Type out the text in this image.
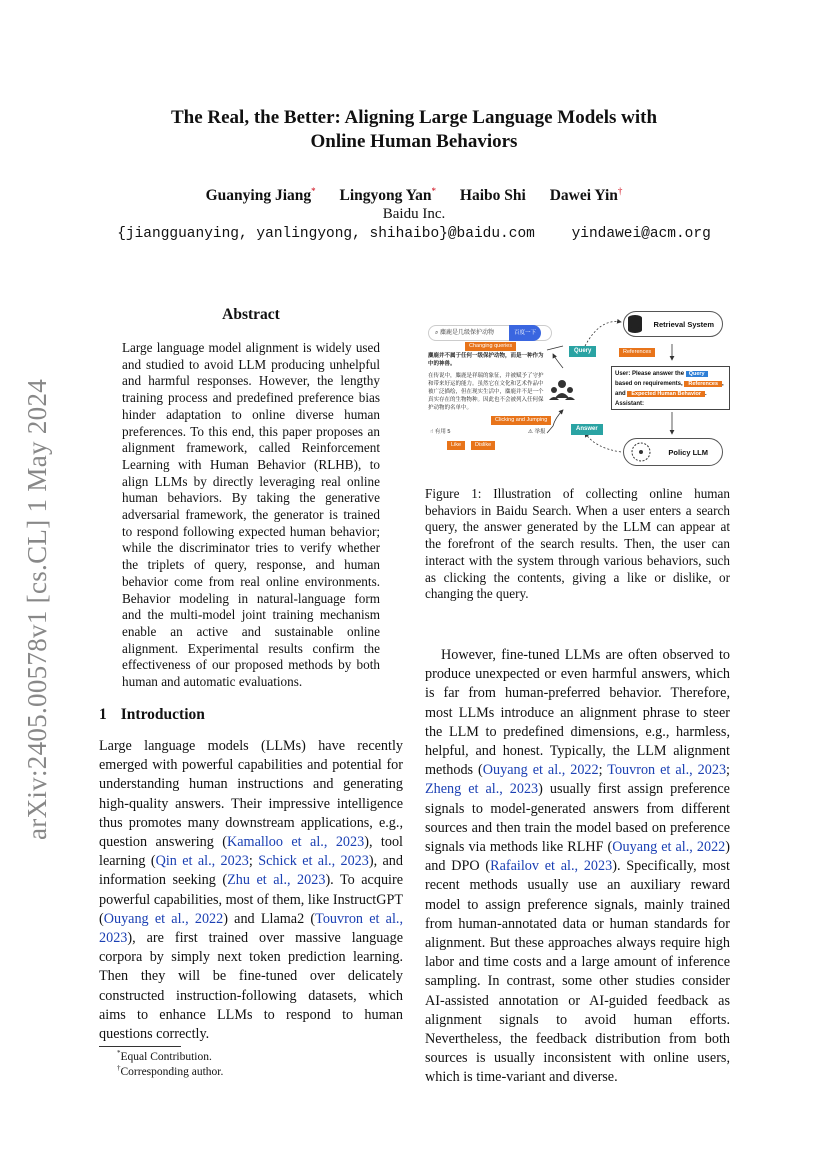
arXiv:2405.00578v1 [cs.CL] 1 May 2024
The Real, the Better: Aligning Large Language Models with
Online Human Behaviors
Guanying Jiang* Lingyong Yan* Haibo Shi Dawei Yin†
Baidu Inc.
{jiangguanying, yanlingyong, shihaibo}@baidu.com	yindawei@acm.org
Abstract
Large language model alignment is widely used and studied to avoid LLM producing unhelpful and harmful responses. However, the lengthy training process and predefined preference bias hinder adaptation to online diverse human preferences. To this end, this paper proposes an alignment framework, called Reinforcement Learning with Human Behavior (RLHB), to align LLMs by directly leveraging real online human behaviors. By taking the generative adversarial framework, the generator is trained to respond following expected human behavior; while the discriminator tries to verify whether the triplets of query, response, and human behavior come from real online environments. Behavior modeling in natural-language form and the multi-model joint training mechanism enable an active and sustainable online alignment. Experimental results confirm the effectiveness of our proposed methods by both human and automatic evaluations.
1 Introduction
Large language models (LLMs) have recently emerged with powerful capabilities and potential for understanding human instructions and generating high-quality answers. Their impressive intelligence thus promotes many downstream applications, e.g., question answering (Kamalloo et al., 2023), tool learning (Qin et al., 2023; Schick et al., 2023), and information seeking (Zhu et al., 2023). To acquire powerful capabilities, most of them, like InstructGPT (Ouyang et al., 2022) and Llama2 (Touvron et al., 2023), are first trained over massive language corpora by simply next token prediction learning. Then they will be fine-tuned over delicately constructed instruction-following datasets, which aims to enhance LLMs to respond to human questions correctly.
*Equal Contribution.
†Corresponding author.
⌕ 麋鹿是几级保护动物	百度一下
Changing queries
麋鹿并不属于任何一级保护动物，而是一种作为中的神兽。
在传说中，麋鹿是祥瑞的象征，并被赋予了守护和带来好运的能力。虽然它在文化和艺术作品中被广泛描绘，但在现实生活中，麋鹿并不是一个真实存在的生物物种。因此也不会被列入任何保护动物的名单中。
Clicking and Jumping
☝ 有用 5	⚠ 举报
Like	Dislike
Query
Answer
Retrieval System
References
User: Please answer the Query based on requirements, References , and Expected Human Behavior .
Assistant:
Policy LLM
Figure 1: Illustration of collecting online human behaviors in Baidu Search. When a user enters a search query, the answer generated by the LLM can appear at the forefront of the search results. Then, the user can interact with the system through various behaviors, such as clicking the contents, giving a like or dislike, or changing the query.
However, fine-tuned LLMs are often observed to produce unexpected or even harmful answers, which is far from human-preferred behavior. Therefore, most LLMs introduce an alignment phrase to steer the LLM to predefined dimensions, e.g., harmless, helpful, and honest. Typically, the LLM alignment methods (Ouyang et al., 2022; Touvron et al., 2023; Zheng et al., 2023) usually first assign preference signals to model-generated answers from different sources and then train the model based on preference signals via methods like RLHF (Ouyang et al., 2022) and DPO (Rafailov et al., 2023). Specifically, most recent methods usually use an auxiliary reward model to assign preference signals, mainly trained from human-annotated data or human standards for alignment. But these approaches always require high labor and time costs and a large amount of inference sampling. In contrast, some other studies consider AI-assisted annotation or AI-guided feedback as alignment signals to avoid human efforts. Nevertheless, the feedback distribution from both sources is usually inconsistent with online users, which is time-variant and diverse.
